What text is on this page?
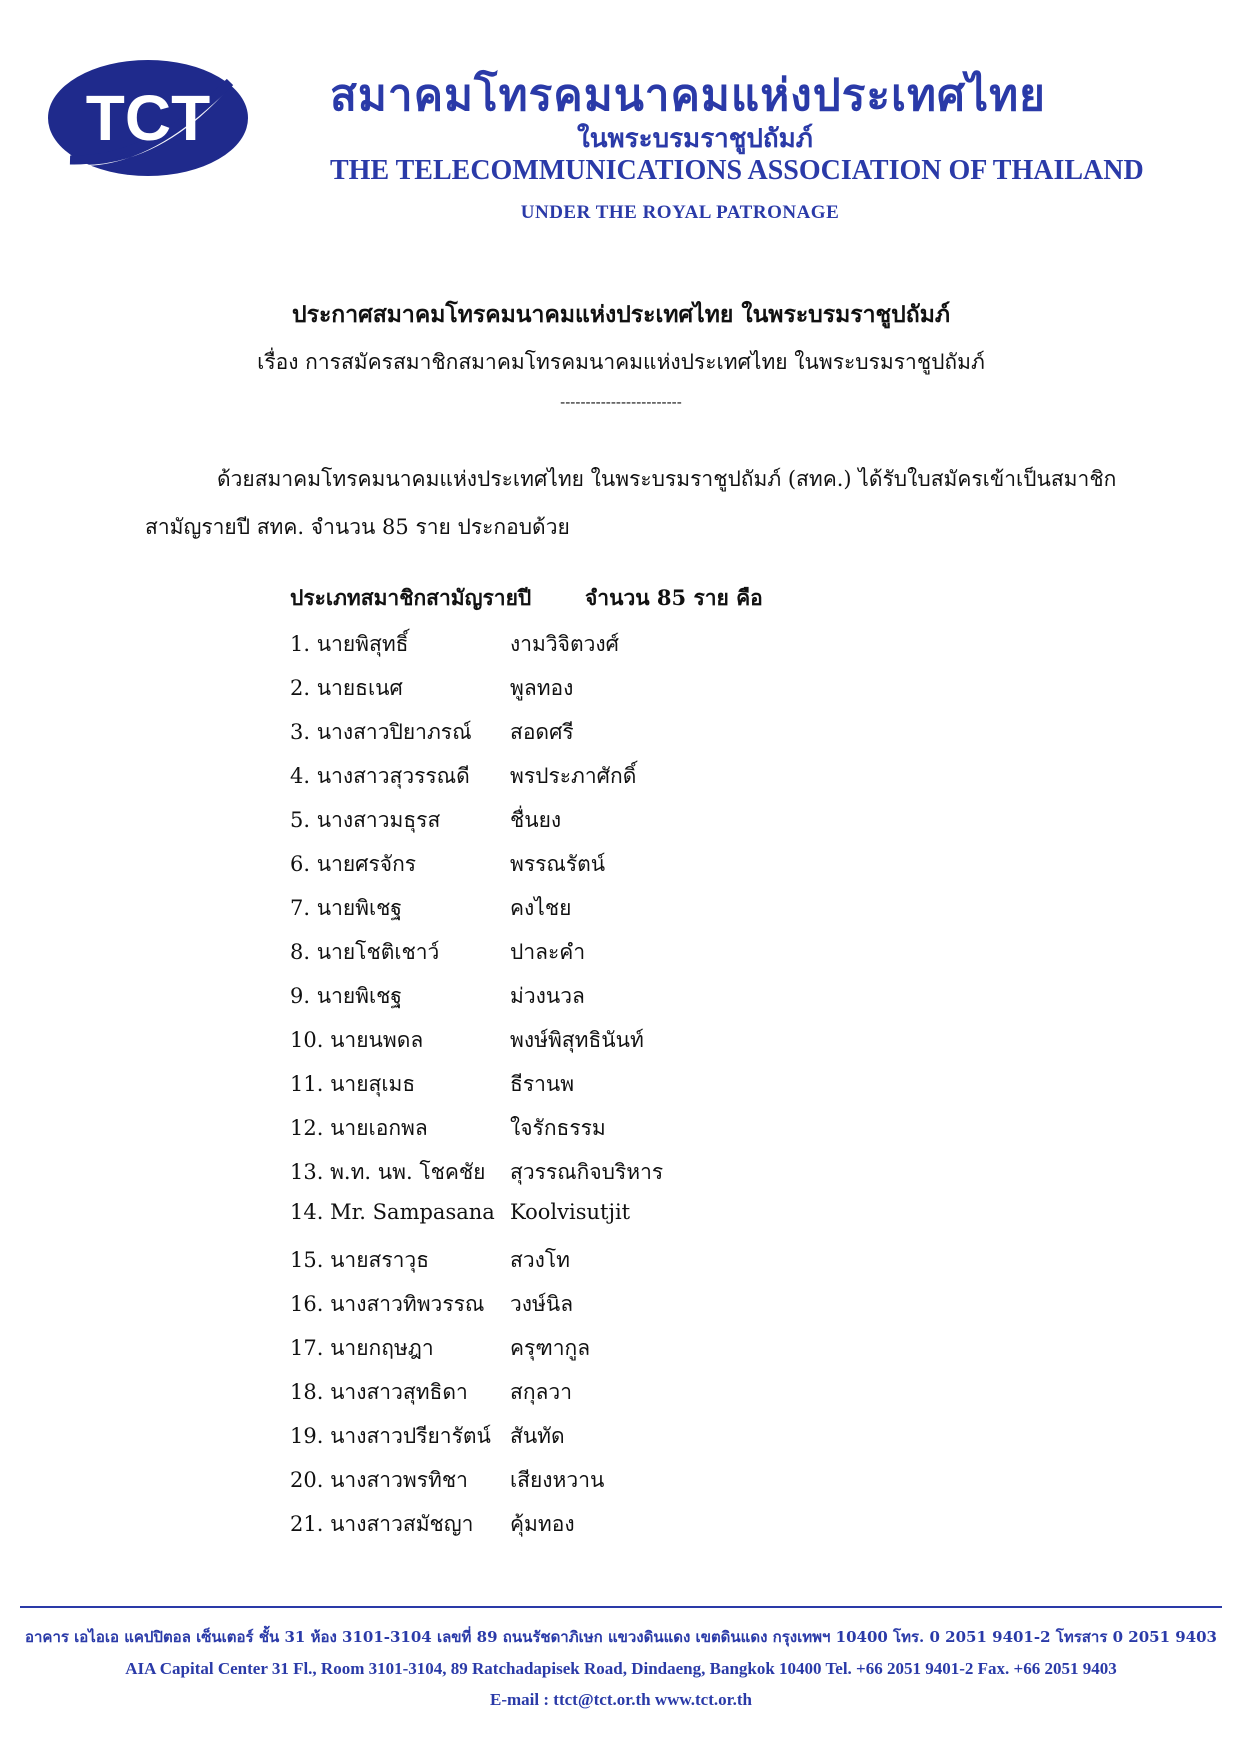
TCT	สมาคมโทรคมนาคมแห่งประเทศไทย
ในพระบรมราชูปถัมภ์
THE TELECOMMUNICATIONS ASSOCIATION OF THAILAND
UNDER THE ROYAL PATRONAGE
ประกาศสมาคมโทรคมนาคมแห่งประเทศไทย ในพระบรมราชูปถัมภ์
เรื่อง การสมัครสมาชิกสมาคมโทรคมนาคมแห่งประเทศไทย ในพระบรมราชูปถัมภ์
------------------------
ด้วยสมาคมโทรคมนาคมแห่งประเทศไทย ในพระบรมราชูปถัมภ์ (สทค.) ได้รับใบสมัครเข้าเป็นสมาชิก
สามัญรายปี สทค. จำนวน 85 ราย ประกอบด้วย
ประเภทสมาชิกสามัญรายปี	จำนวน 85 ราย คือ
1. นายพิสุทธิ์	งามวิจิตวงศ์
2. นายธเนศ	พูลทอง
3. นางสาวปิยาภรณ์ สอดศรี
4. นางสาวสุวรรณดี พรประภาศักดิ์
5. นางสาวมธุรส	ชื่นยง
6. นายศรจักร	พรรณรัตน์
7. นายพิเชฐ	คงไชย
8. นายโชติเชาว์	ปาละคำ
9. นายพิเชฐ	ม่วงนวล
10. นายนพดล	พงษ์พิสุทธินันท์
11. นายสุเมธ	ธีรานพ
12. นายเอกพล	ใจรักธรรม
13. พ.ท. นพ. โชคชัย สุวรรณกิจบริหาร
14. Mr. Sampasana Koolvisutjit
15. นายสราวุธ	สวงโท
16. นางสาวทิพวรรณ วงษ์นิล
17. นายกฤษฎา	ครุฑากูล
18. นางสาวสุทธิดา สกุลวา
19. นางสาวปรียารัตน์ สันทัด
20. นางสาวพรทิชา เสียงหวาน
21. นางสาวสมัชญา คุ้มทอง
อาคาร เอไอเอ แคปปิตอล เซ็นเตอร์ ชั้น 31 ห้อง 3101-3104 เลขที่ 89 ถนนรัชดาภิเษก แขวงดินแดง เขตดินแดง กรุงเทพฯ 10400 โทร. 0 2051 9401-2 โทรสาร 0 2051 9403
AIA Capital Center 31 Fl., Room 3101-3104, 89 Ratchadapisek Road, Dindaeng, Bangkok 10400 Tel. +66 2051 9401-2 Fax. +66 2051 9403
E-mail : ttct@tct.or.th www.tct.or.th
